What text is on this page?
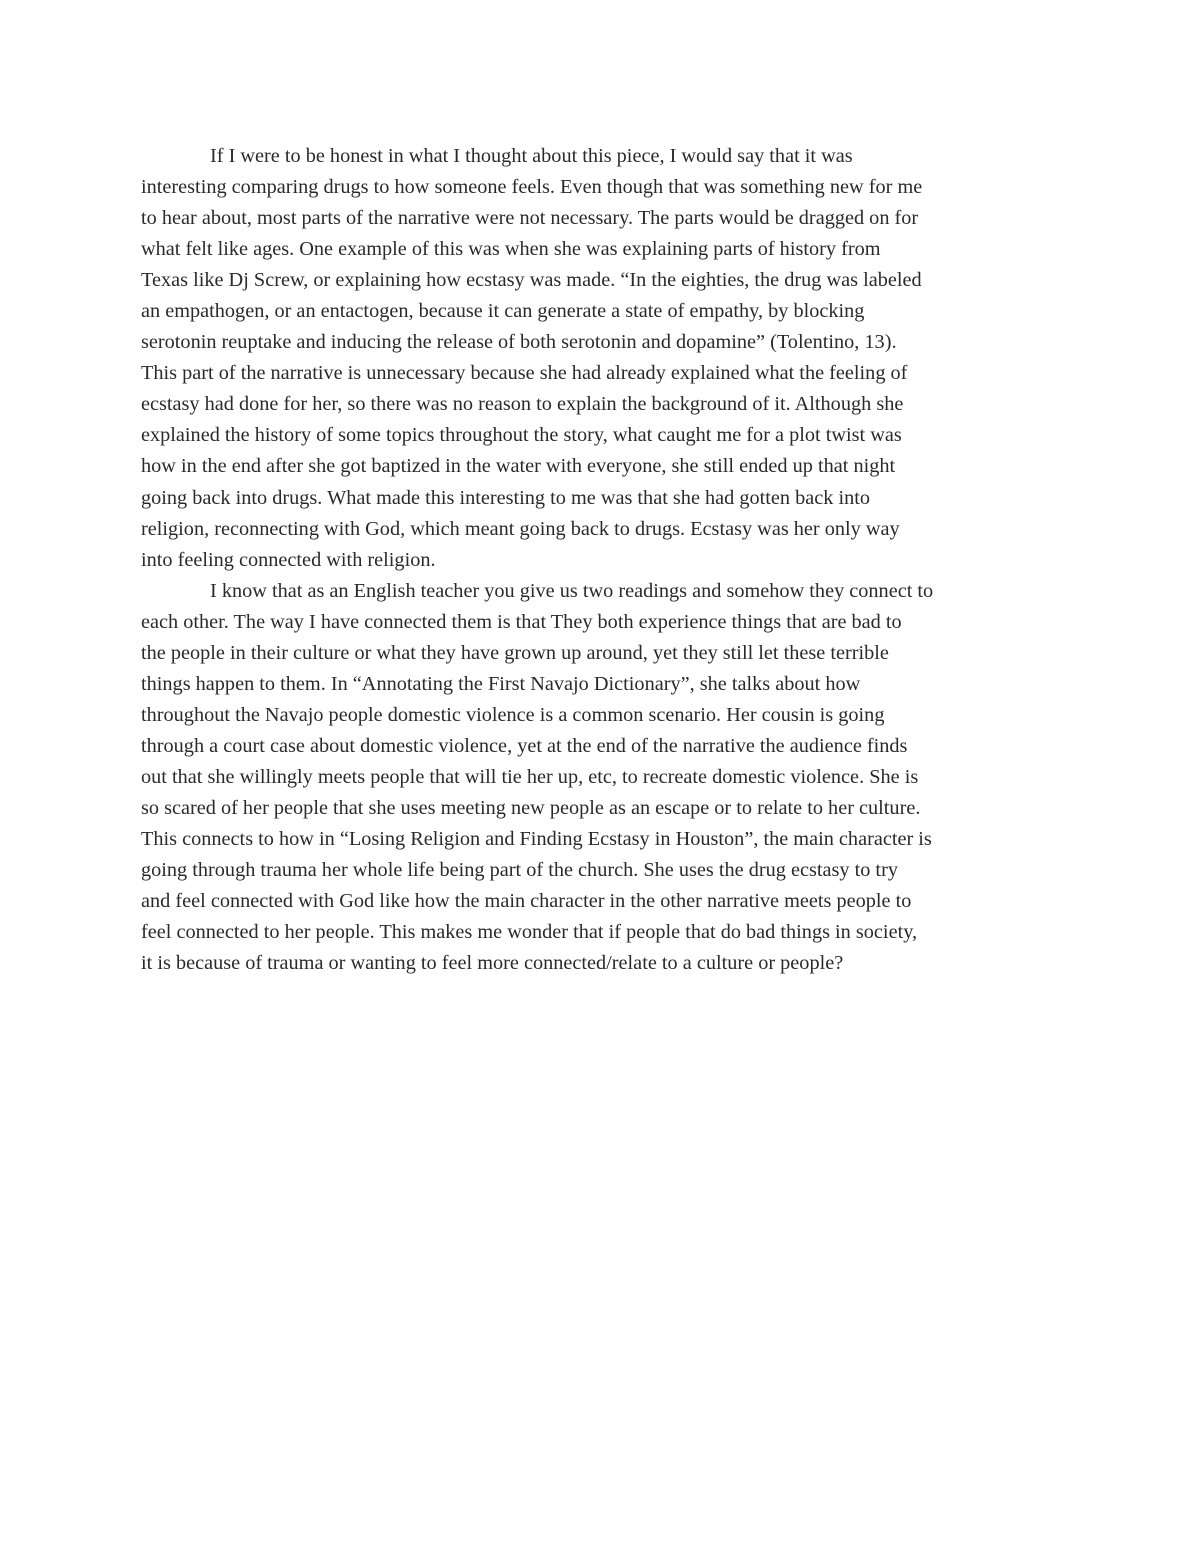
If I were to be honest in what I thought about this piece, I would say that it was
interesting comparing drugs to how someone feels. Even though that was something new for me
to hear about, most parts of the narrative were not necessary. The parts would be dragged on for
what felt like ages. One example of this was when she was explaining parts of history from
Texas like Dj Screw, or explaining how ecstasy was made. “In the eighties, the drug was labeled
an empathogen, or an entactogen, because it can generate a state of empathy, by blocking
serotonin reuptake and inducing the release of both serotonin and dopamine” (Tolentino, 13).
This part of the narrative is unnecessary because she had already explained what the feeling of
ecstasy had done for her, so there was no reason to explain the background of it. Although she
explained the history of some topics throughout the story, what caught me for a plot twist was
how in the end after she got baptized in the water with everyone, she still ended up that night
going back into drugs. What made this interesting to me was that she had gotten back into
religion, reconnecting with God, which meant going back to drugs. Ecstasy was her only way
into feeling connected with religion.
I know that as an English teacher you give us two readings and somehow they connect to
each other. The way I have connected them is that They both experience things that are bad to
the people in their culture or what they have grown up around, yet they still let these terrible
things happen to them. In “Annotating the First Navajo Dictionary”, she talks about how
throughout the Navajo people domestic violence is a common scenario. Her cousin is going
through a court case about domestic violence, yet at the end of the narrative the audience finds
out that she willingly meets people that will tie her up, etc, to recreate domestic violence. She is
so scared of her people that she uses meeting new people as an escape or to relate to her culture.
This connects to how in “Losing Religion and Finding Ecstasy in Houston”, the main character is
going through trauma her whole life being part of the church. She uses the drug ecstasy to try
and feel connected with God like how the main character in the other narrative meets people to
feel connected to her people. This makes me wonder that if people that do bad things in society,
it is because of trauma or wanting to feel more connected/relate to a culture or people?
